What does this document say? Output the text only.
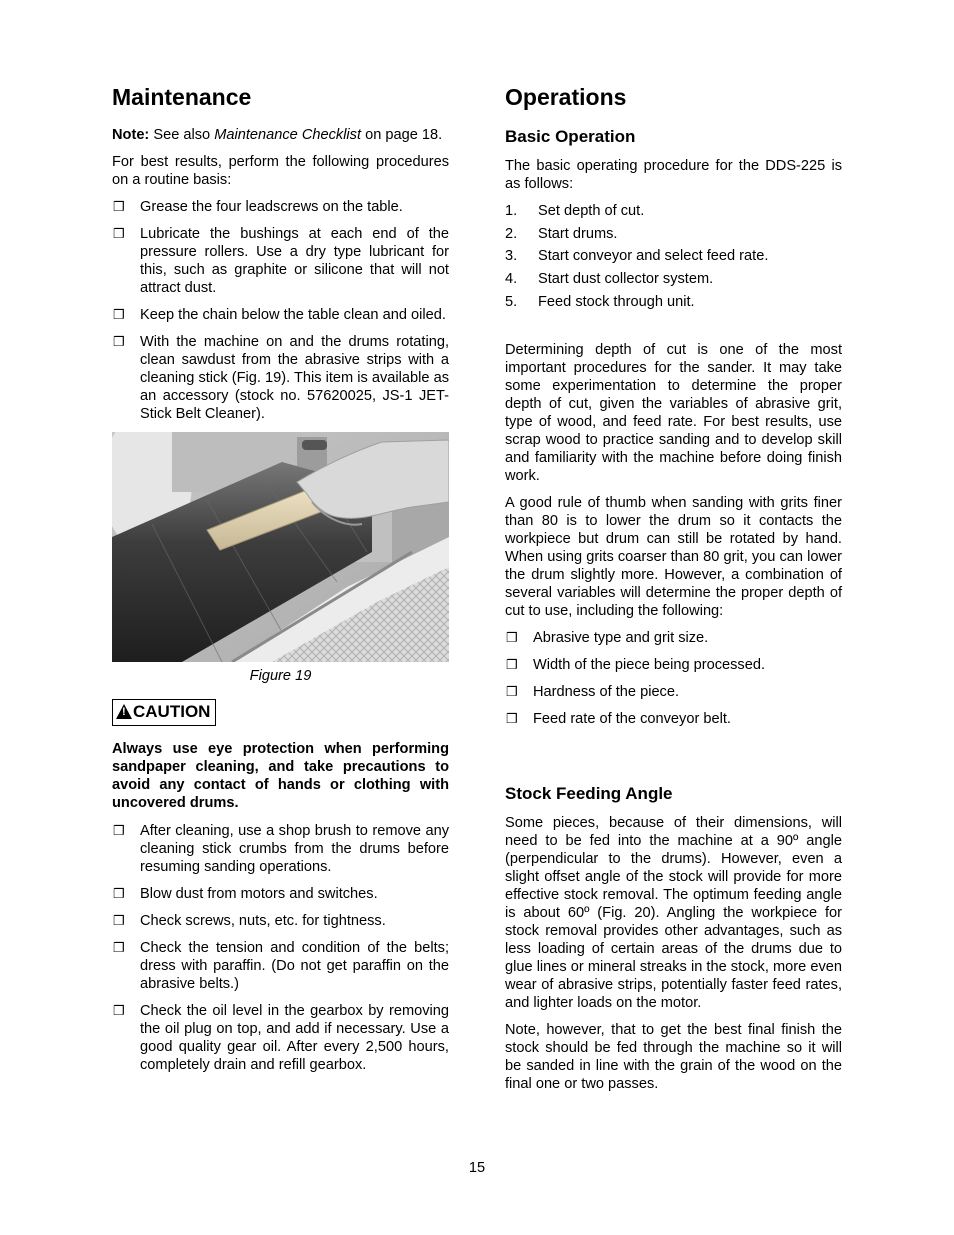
Maintenance

Note: See also Maintenance Checklist on page 18.

For best results, perform the following procedures on a routine basis:

❒ Grease the four leadscrews on the table.
❒ Lubricate the bushings at each end of the pressure rollers. Use a dry type lubricant for this, such as graphite or silicone that will not attract dust.
❒ Keep the chain below the table clean and oiled.
❒ With the machine on and the drums rotating, clean sawdust from the abrasive strips with a cleaning stick (Fig. 19). This item is available as an accessory (stock no. 57620025, JS-1 JET-Stick Belt Cleaner).

Figure 19

!CAUTION
Always use eye protection when performing sandpaper cleaning, and take precautions to avoid any contact of hands or clothing with uncovered drums.
❒ After cleaning, use a shop brush to remove any cleaning stick crumbs from the drums before resuming sanding operations.
❒ Blow dust from motors and switches.
❒ Check screws, nuts, etc. for tightness.
❒ Check the tension and condition of the belts; dress with paraffin. (Do not get paraffin on the abrasive belts.)
❒ Check the oil level in the gearbox by removing the oil plug on top, and add if necessary. Use a good quality gear oil. After every 2,500 hours, completely drain and refill gearbox.
Operations
Basic Operation

The basic operating procedure for the DDS-225 is as follows:

1. Set depth of cut.
2. Start drums.
3. Start conveyor and select feed rate.
4. Start dust collector system.
5. Feed stock through unit.

Determining depth of cut is one of the most important procedures for the sander. It may take some experimentation to determine the proper depth of cut, given the variables of abrasive grit, type of wood, and feed rate. For best results, use scrap wood to practice sanding and to develop skill and familiarity with the machine before doing finish work.

A good rule of thumb when sanding with grits finer than 80 is to lower the drum so it contacts the workpiece but drum can still be rotated by hand. When using grits coarser than 80 grit, you can lower the drum slightly more. However, a combination of several variables will determine the proper depth of cut to use, including the following:

❒ Abrasive type and grit size.
❒ Width of the piece being processed.
❒ Hardness of the piece.
❒ Feed rate of the conveyor belt.
Stock Feeding Angle

Some pieces, because of their dimensions, will need to be fed into the machine at a 90º angle (perpendicular to the drums). However, even a slight offset angle of the stock will provide for more effective stock removal. The optimum feeding angle is about 60º (Fig. 20). Angling the workpiece for stock removal provides other advantages, such as less loading of certain areas of the drums due to glue lines or mineral streaks in the stock, more even wear of abrasive strips, potentially faster feed rates, and lighter loads on the motor.

Note, however, that to get the best final finish the stock should be fed through the machine so it will be sanded in line with the grain of the wood on the final one or two passes.

15
